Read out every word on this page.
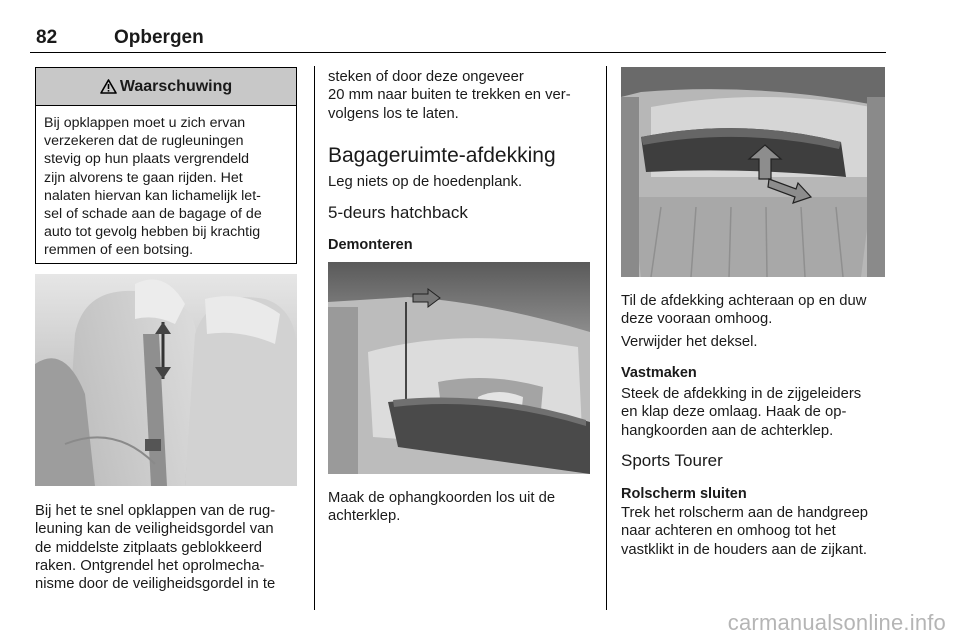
82	Opbergen
Waarschuwing
Bij opklappen moet u zich ervan
verzekeren dat de rugleuningen
stevig op hun plaats vergrendeld
zijn alvorens te gaan rijden. Het
nalaten hiervan kan lichamelijk let-
sel of schade aan de bagage of de
auto tot gevolg hebben bij krachtig
remmen of een botsing.
Bij het te snel opklappen van de rug-
leuning kan de veiligheidsgordel van
de middelste zitplaats geblokkeerd
raken. Ontgrendel het oprolmecha-
nisme door de veiligheidsgordel in te
steken of door deze ongeveer
20 mm naar buiten te trekken en ver-
volgens los te laten.
Bagageruimte-afdekking
Leg niets op de hoedenplank.
5-deurs hatchback
Demonteren
Maak de ophangkoorden los uit de
achterklep.
Til de afdekking achteraan op en duw
deze vooraan omhoog.
Verwijder het deksel.
Vastmaken
Steek de afdekking in de zijgeleiders
en klap deze omlaag. Haak de op-
hangkoorden aan de achterklep.
Sports Tourer
Rolscherm sluiten
Trek het rolscherm aan de handgreep
naar achteren en omhoog tot het
vastklikt in de houders aan de zijkant.
carmanualsonline.info
